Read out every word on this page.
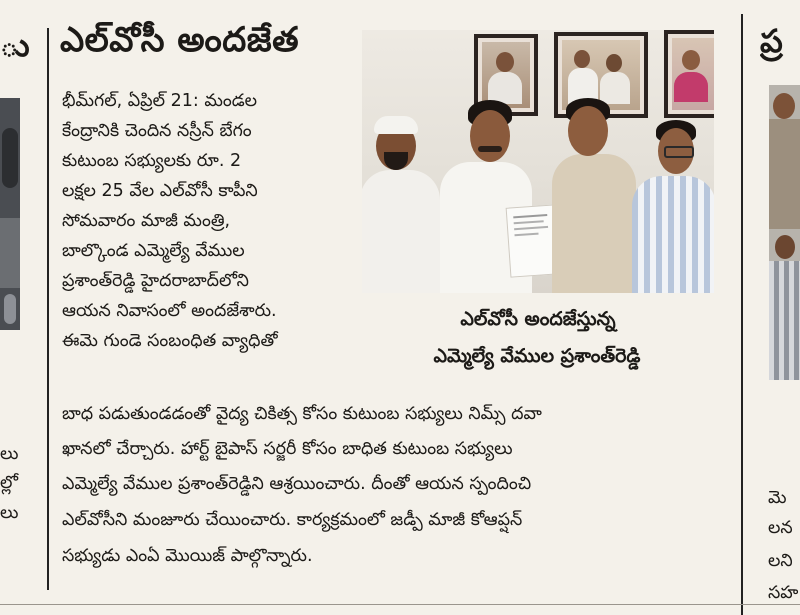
ు
లు
ల్లో
లు
ఎల్‌వోసీ అందజేత
భీమ్‌గల్, ఏప్రిల్ 21: మండల
కేంద్రానికి చెందిన నస్రీన్ బేగం
కుటుంబ సభ్యులకు రూ. 2
లక్షల 25 వేల ఎల్‌వోసీ కాపీని
సోమవారం మాజీ మంత్రి,
బాల్కొండ ఎమ్మెల్యే వేముల
ప్రశాంత్‌రెడ్డి హైదరాబాద్‌లోని
ఆయన నివాసంలో అందజేశారు.
ఈమె గుండె సంబంధిత వ్యాధితో
ఎల్‌వోసీ అందజేస్తున్న
ఎమ్మెల్యే వేముల ప్రశాంత్‌రెడ్డి
బాధ పడుతుండడంతో వైద్య చికిత్స కోసం కుటుంబ సభ్యులు నిమ్స్ దవా
ఖానలో చేర్చారు. హార్ట్ బైపాస్ సర్జరీ కోసం బాధిత కుటుంబ సభ్యులు
ఎమ్మెల్యే వేముల ప్రశాంత్‌రెడ్డిని ఆశ్రయించారు. దీంతో ఆయన స్పందించి
ఎల్‌వోసీని మంజూరు చేయించారు. కార్యక్రమంలో జడ్పీ మాజీ కోఆప్షన్
సభ్యుడు ఎంఏ మొయిజ్ పాల్గొన్నారు.
ప్ర
మె
లన
లని
సహ
